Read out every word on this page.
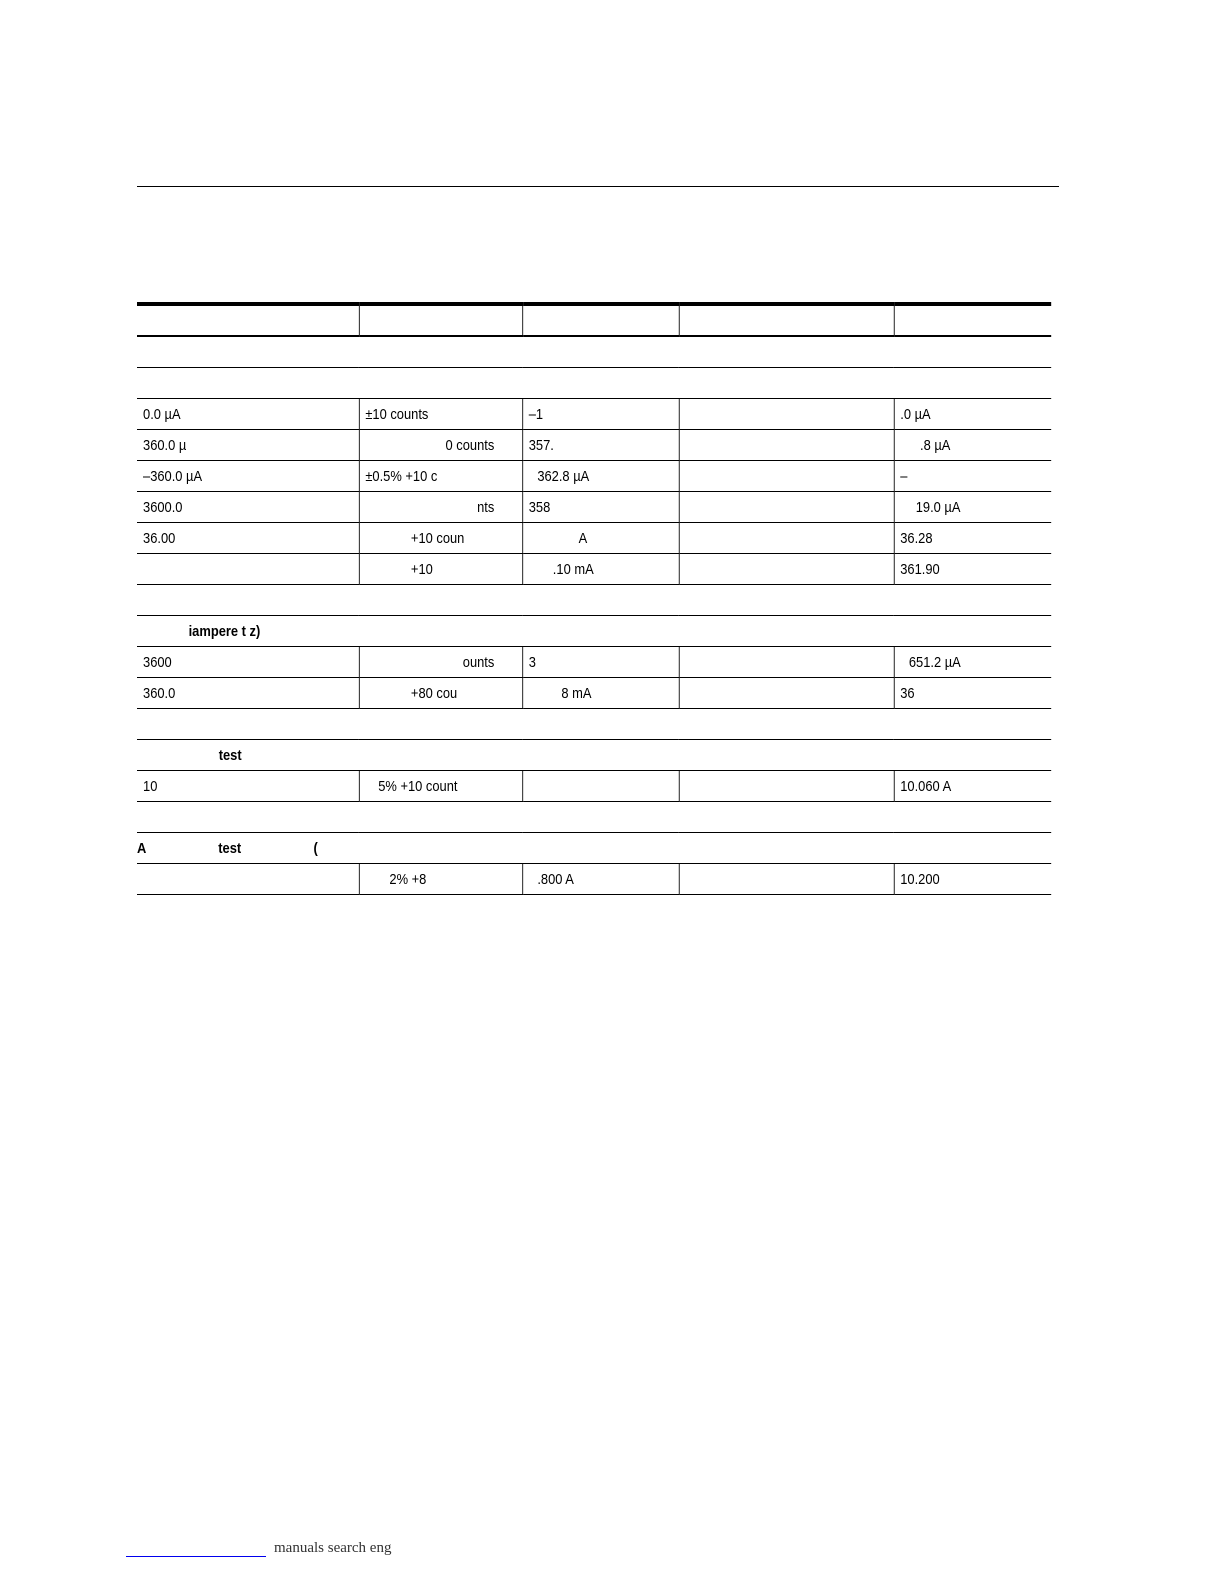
0.0 µA	±10 counts	–1		.0 µA
360.0 µ	0 counts	357.		.8 µA
–360.0 µA	±0.5% +10 c	362.8 µA		–
3600.0	nts	358		19.0 µA
36.00	+10 coun	A		36.28
	+10	.10 mA		361.90

iampere t z)				
3600	ounts	3		651.2 µA
360.0	+80 cou	8 mA		36

test				
10	5% +10 count			10.060 A

A test (				
	2% +8	.800 A		10.200
manuals search eng
